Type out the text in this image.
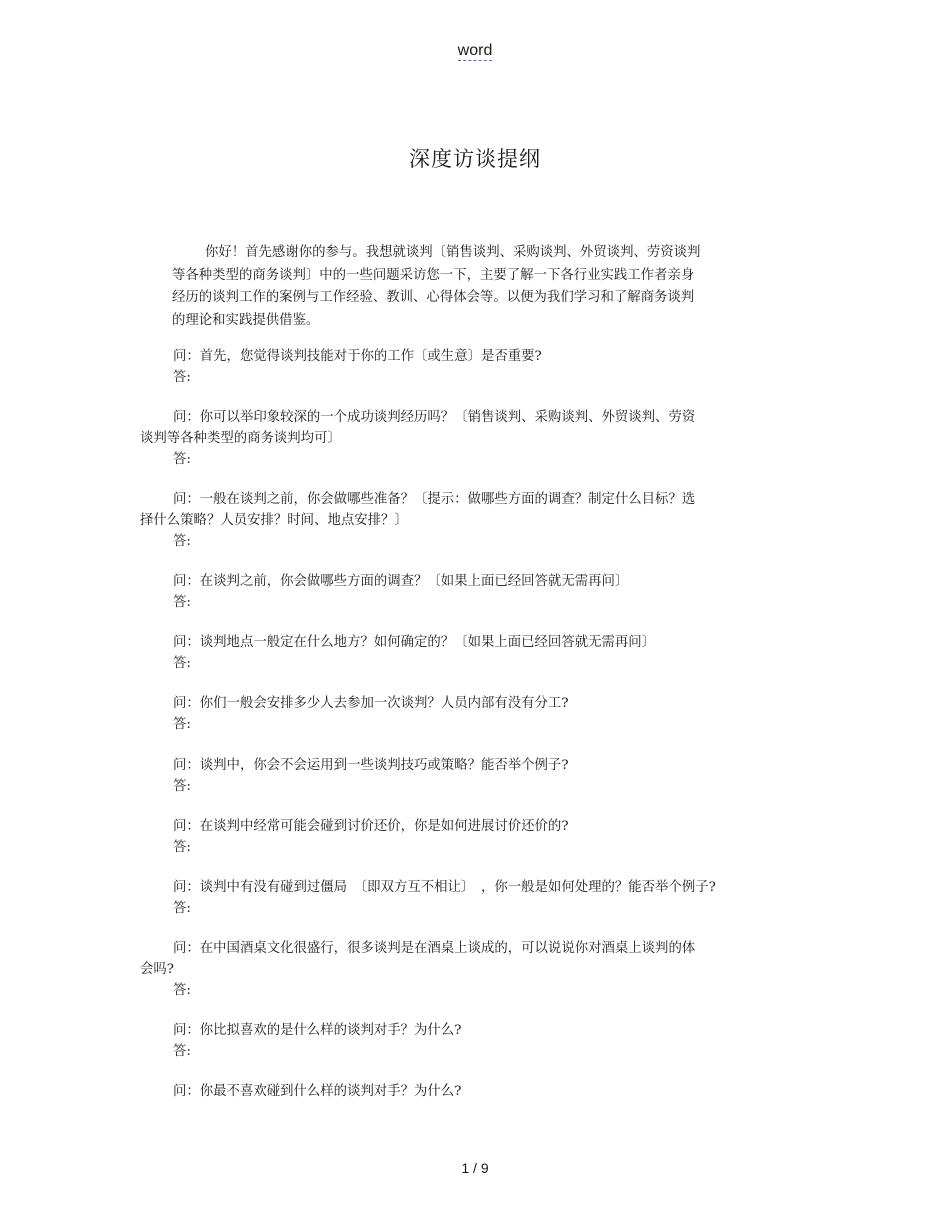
word
深度访谈提纲
你好！首先感谢你的参与。我想就谈判〔销售谈判、采购谈判、外贸谈判、劳资谈判
等各种类型的商务谈判〕中的一些问题采访您一下，主要了解一下各行业实践工作者亲身
经历的谈判工作的案例与工作经验、教训、心得体会等。以便为我们学习和了解商务谈判
的理论和实践提供借鉴。
问：首先，您觉得谈判技能对于你的工作〔或生意〕是否重要?
答:
问：你可以举印象较深的一个成功谈判经历吗？〔销售谈判、采购谈判、外贸谈判、劳资
谈判等各种类型的商务谈判均可〕
答:
问：一般在谈判之前，你会做哪些准备？〔提示：做哪些方面的调查？制定什么目标？选
择什么策略？人员安排？时间、地点安排？〕
答:
问：在谈判之前，你会做哪些方面的调查？〔如果上面已经回答就无需再问〕
答:
问：谈判地点一般定在什么地方？如何确定的？〔如果上面已经回答就无需再问〕
答:
问：你们一般会安排多少人去参加一次谈判？人员内部有没有分工?
答:
问：谈判中，你会不会运用到一些谈判技巧或策略？能否举个例子?
答:
问：在谈判中经常可能会碰到讨价还价，你是如何进展讨价还价的?
答:
问：谈判中有没有碰到过僵局　〔即双方互不相让〕　，你一般是如何处理的？能否举个例子?
答:
问：在中国酒桌文化很盛行，很多谈判是在酒桌上谈成的，可以说说你对酒桌上谈判的体
会吗?
答:
问：你比拟喜欢的是什么样的谈判对手？为什么?
答:
问：你最不喜欢碰到什么样的谈判对手？为什么?
1 / 9
